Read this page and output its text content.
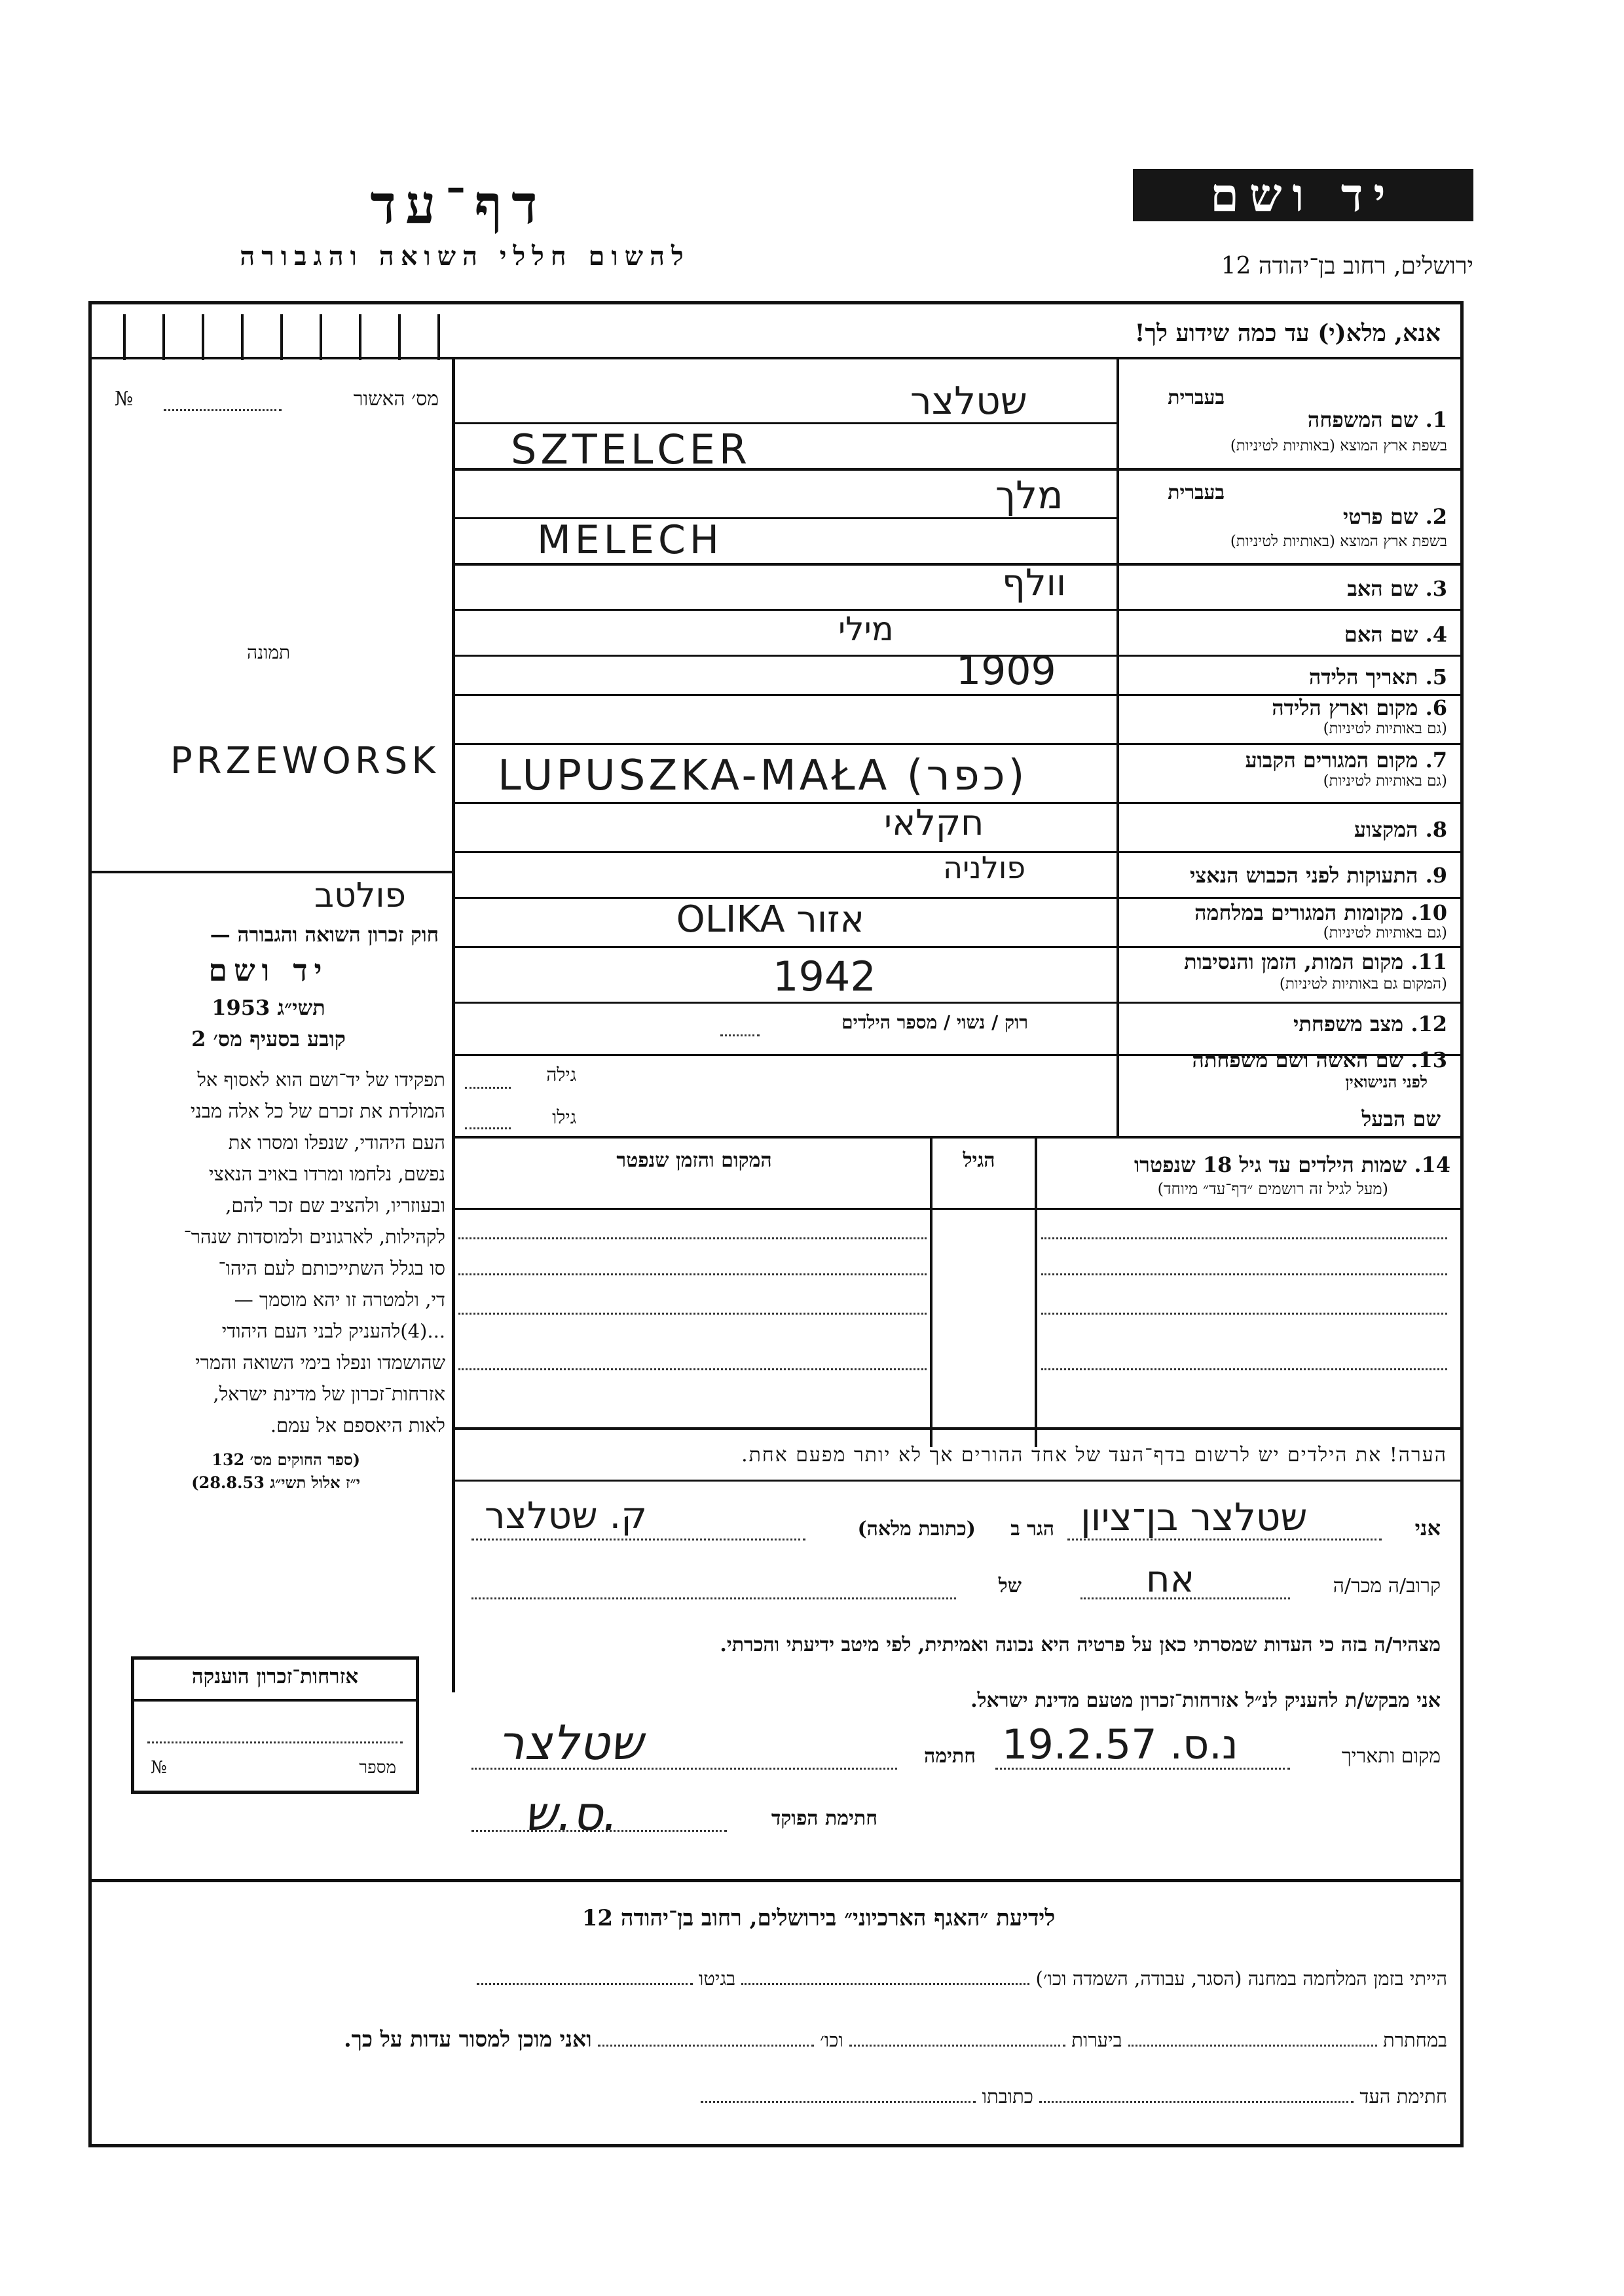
דף־עד
להשום חללי השואה והגבורה
יד ושם
ירושלים, רחוב בן־יהודה 12
אנא, מלא(י) עד כמה שידוע לך!
מס׳ האשור
№
תמונה
בעברית
1. שם המשפחה
בשפת ארץ המוצא (באותיות לטיניות)
שטלצר
SZTELCER
בעברית
2. שם פרטי
בשפת ארץ המוצא (באותיות לטיניות)
מלך
MELECH
3. שם האב
וולף
4. שם האם
מילי
5. תאריך הלידה
1909
6. מקום וארץ הלידה
(גם באותיות לטיניות)
PRZEWORSK	7. מקום המגורים הקבוע
(גם באותיות לטיניות)
LUPUSZKA-MAŁA (כפר)
8. המקצוע
חקלאי
9. התעוקות לפני הכבוש הנאצי
פולניה
10. מקומות המגורים במלחמה
(גם באותיות לטיניות)
אזור OLIKA
פולטב
11. מקום המות, הזמן והנסיבות
(המקום גם באותיות לטיניות)
1942
12. מצב משפחתי
רוק / נשוי / מספר הילדים
13. שם האשה ושם משפחתה
לפני הנישואין
גילה
שם הבעל
גילו
14. שמות הילדים עד גיל 18 שנפטרו
(מעל לגיל זה רושמים ״דף־עד״ מיוחד)
הגיל
המקום והזמן שנפטר
חוק זכרון השואה והגבורה —
יד ושם
תשי״ג 1953
קובע בסעיף מס׳ 2
תפקידו של יד־ושם הוא לאסוף אל
המולדת את זכרם של כל אלה מבני
העם היהודי, שנפלו ומסרו את
נפשם, נלחמו ומרדו באויב הנאצי
ובעוזריו, ולהציב שם זכר להם,
לקהילות, לארגונים ולמוסדות שנהר־
סו בגלל השתייכותם לעם היהו־
די, ולמטרה זו יהא מוסמך —
...(4)להעניק לבני העם היהודי
שהושמדו ונפלו בימי השואה והמרי
אזרחות־זכרון של מדינת ישראל,
לאות היאספם אל עמם.
(ספר החוקים מס׳ 132
י״ז אלול תשי״ג 28.8.53)
הערה! את הילדים יש לרשום בדף־העד של אחד ההורים אך לא יותר מפעם אחת.
אני
שטלצר בן־ציון
הגר ב
(כתובת מלאה)
ק. שטלצר
קרוב/ה מכר/ה
אח
של
מצהיר/ה בזה כי העדות שמסרתי כאן על פרטיה היא נכונה ואמיתית, לפי מיטב ידיעתי והכרתי.
אני מבקש/ת להעניק לנ״ל אזרחות־זכרון מטעם מדינת ישראל.
מקום ותאריך
נ.ס. 19.2.57
חתימה
שטלצר
חתימת הפוקד
ס.ש.
אזרחות־זכרון הוענקה
מספר
№
לידיעת ״האגף הארכיוני״ בירושלים, רחוב בן־יהודה 12
הייתי בזמן המלחמה במחנה (הסגר, עבודה, השמדה וכו׳)  בגיטו
במחתרת  ביערות  וכו׳  ואני מוכן למסור עדות על כך.
חתימת העד  כתובתו
